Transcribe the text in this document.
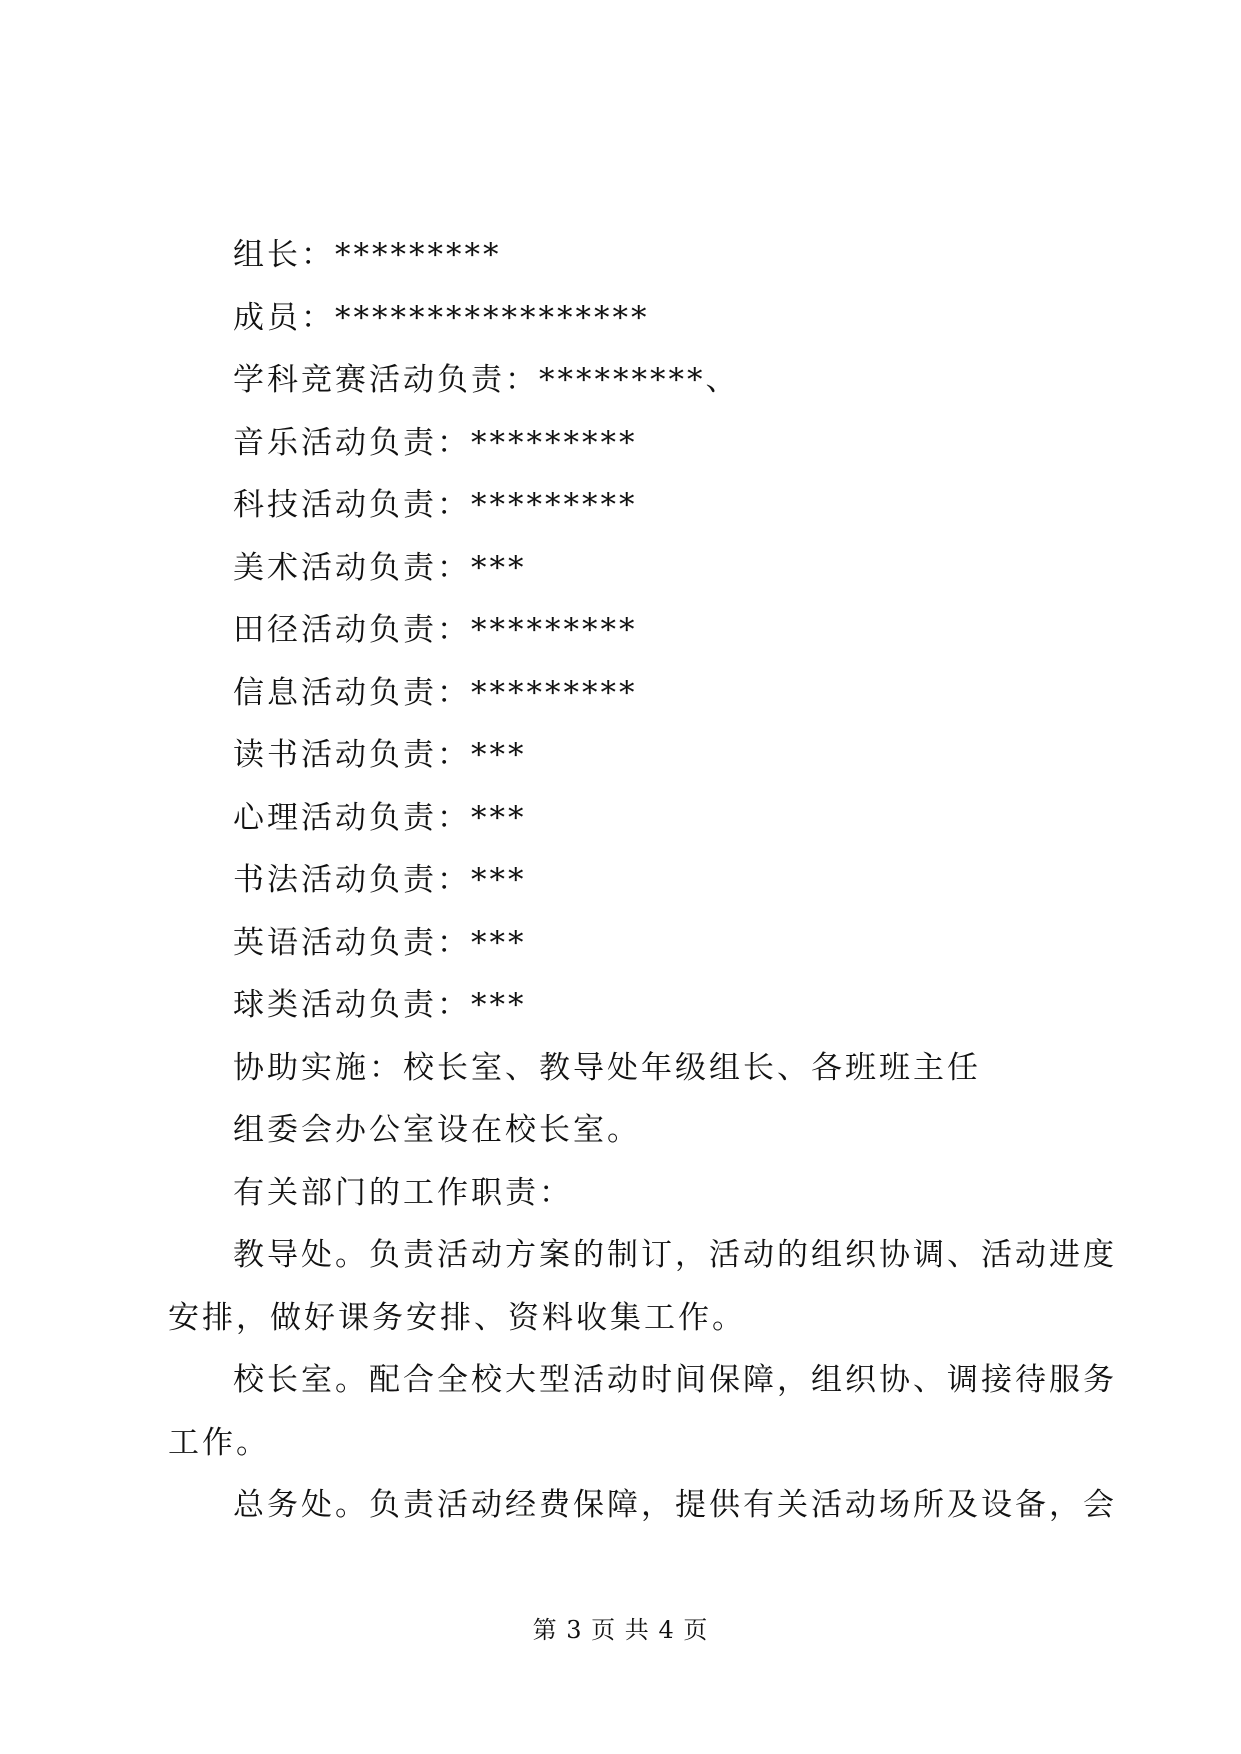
组长：*********
成员：*****************
学科竞赛活动负责：*********、
音乐活动负责：*********
科技活动负责：*********
美术活动负责：***
田径活动负责：*********
信息活动负责：*********
读书活动负责：***
心理活动负责：***
书法活动负责：***
英语活动负责：***
球类活动负责：***
协助实施：校长室、教导处年级组长、各班班主任
组委会办公室设在校长室。
有关部门的工作职责：
教导处。负责活动方案的制订，活动的组织协调、活动进度
安排，做好课务安排、资料收集工作。
校长室。配合全校大型活动时间保障，组织协、调接待服务
工作。
总务处。负责活动经费保障，提供有关活动场所及设备，会
第 3 页 共 4 页
